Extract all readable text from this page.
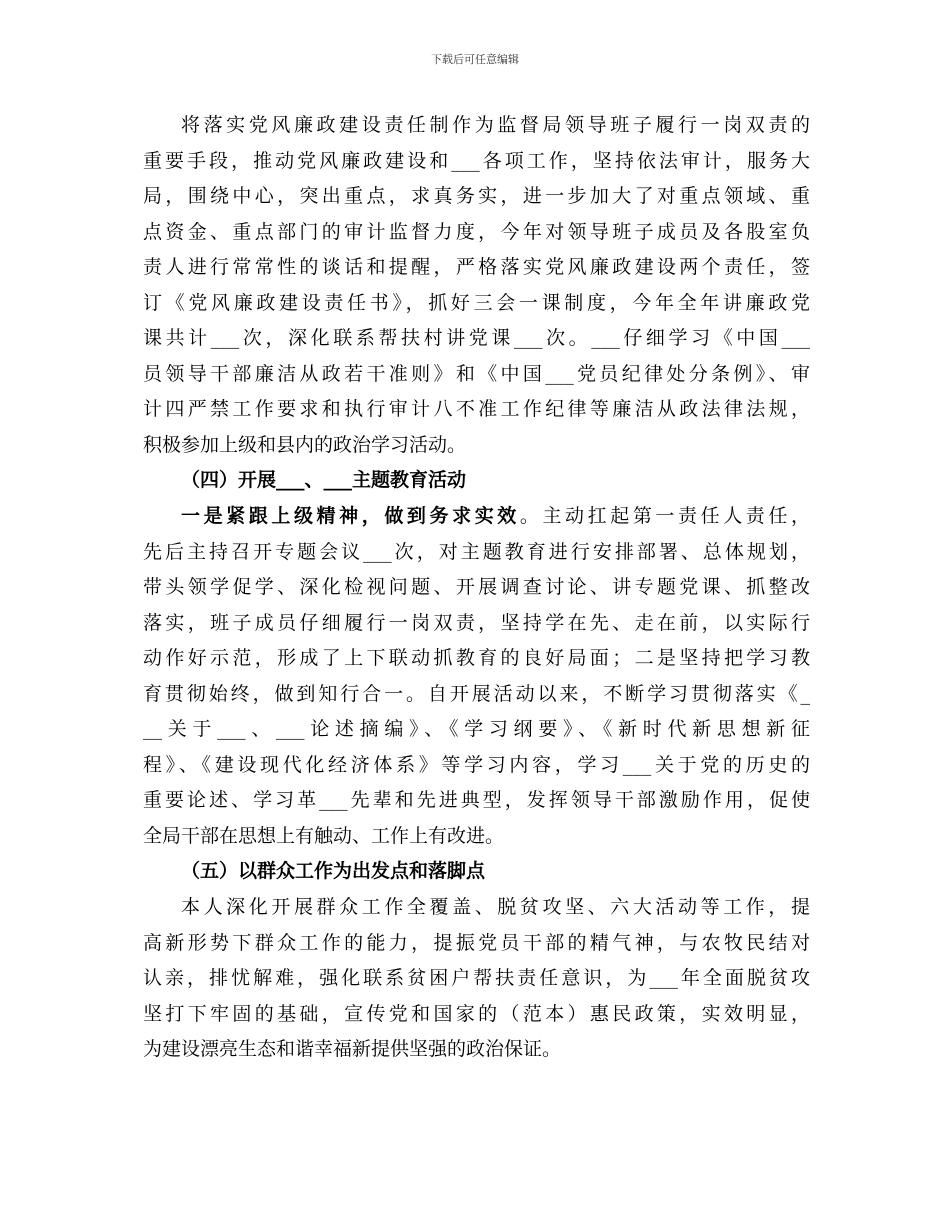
下载后可任意编辑
将落实党风廉政建设责任制作为监督局领导班子履行一岗双责的
重要手段，推动党风廉政建设和___各项工作，坚持依法审计，服务大
局，围绕中心，突出重点，求真务实，进一步加大了对重点领域、重
点资金、重点部门的审计监督力度，今年对领导班子成员及各股室负
责人进行常常性的谈话和提醒，严格落实党风廉政建设两个责任，签
订《党风廉政建设责任书》，抓好三会一课制度，今年全年讲廉政党
课共计___次，深化联系帮扶村讲党课___次。___仔细学习《中国___
员领导干部廉洁从政若干准则》和《中国___党员纪律处分条例》、审
计四严禁工作要求和执行审计八不准工作纪律等廉洁从政法律法规，
积极参加上级和县内的政治学习活动。
（四）开展___、___主题教育活动
一是紧跟上级精神，做到务求实效。主动扛起第一责任人责任，
先后主持召开专题会议___次，对主题教育进行安排部署、总体规划，
带头领学促学、深化检视问题、开展调查讨论、讲专题党课、抓整改
落实，班子成员仔细履行一岗双责，坚持学在先、走在前，以实际行
动作好示范，形成了上下联动抓教育的良好局面；二是坚持把学习教
育贯彻始终，做到知行合一。自开展活动以来，不断学习贯彻落实《_
__关于___、___论述摘编》、《学习纲要》、《新时代新思想新征
程》、《建设现代化经济体系》等学习内容，学习___关于党的历史的
重要论述、学习革___先辈和先进典型，发挥领导干部激励作用，促使
全局干部在思想上有触动、工作上有改进。
（五）以群众工作为出发点和落脚点
本人深化开展群众工作全覆盖、脱贫攻坚、六大活动等工作，提
高新形势下群众工作的能力，提振党员干部的精气神，与农牧民结对
认亲，排忧解难，强化联系贫困户帮扶责任意识，为___年全面脱贫攻
坚打下牢固的基础，宣传党和国家的（范本）惠民政策，实效明显，
为建设漂亮生态和谐幸福新提供坚强的政治保证。
